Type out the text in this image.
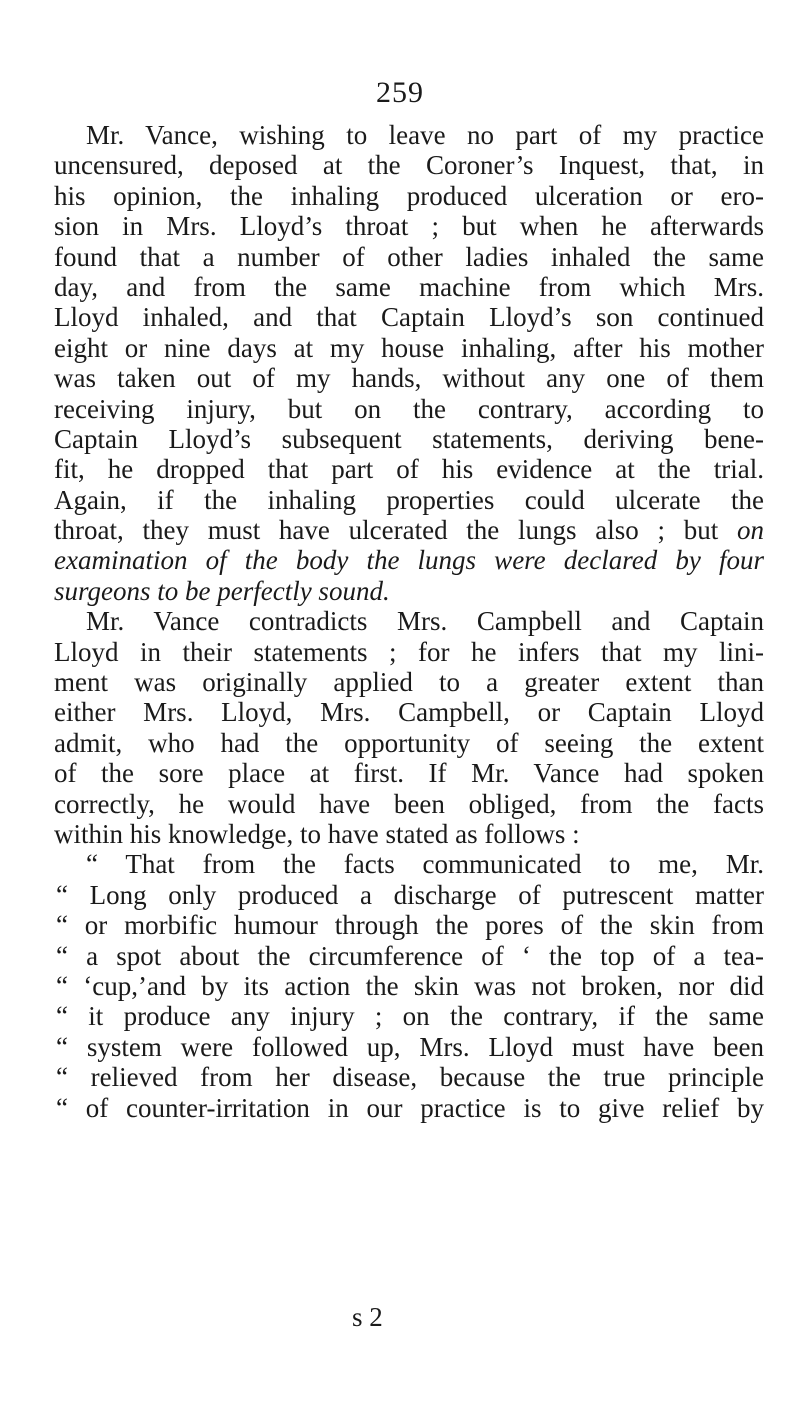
259
Mr. Vance, wishing to leave no part of my practice
uncensured, deposed at the Coroner’s Inquest, that, in
his opinion, the inhaling produced ulceration or ero-
sion in Mrs. Lloyd’s throat ; but when he afterwards
found that a number of other ladies inhaled the same
day, and from the same machine from which Mrs.
Lloyd inhaled, and that Captain Lloyd’s son continued
eight or nine days at my house inhaling, after his mother
was taken out of my hands, without any one of them
receiving injury, but on the contrary, according to
Captain Lloyd’s subsequent statements, deriving bene-
fit, he dropped that part of his evidence at the trial.
Again, if the inhaling properties could ulcerate the
throat, they must have ulcerated the lungs also ; but on
examination of the body the lungs were declared by four
surgeons to be perfectly sound.
Mr. Vance contradicts Mrs. Campbell and Captain
Lloyd in their statements ; for he infers that my lini-
ment was originally applied to a greater extent than
either Mrs. Lloyd, Mrs. Campbell, or Captain Lloyd
admit, who had the opportunity of seeing the extent
of the sore place at first. If Mr. Vance had spoken
correctly, he would have been obliged, from the facts
within his knowledge, to have stated as follows :
“ That from the facts communicated to me, Mr.
“ Long only produced a discharge of putrescent matter
“ or morbific humour through the pores of the skin from
“ a spot about the circumference of ‘ the top of a tea-
“ ‘cup,’and by its action the skin was not broken, nor did
“ it produce any injury ; on the contrary, if the same
“ system were followed up, Mrs. Lloyd must have been
“ relieved from her disease, because the true principle
“ of counter-irritation in our practice is to give relief by
s 2
